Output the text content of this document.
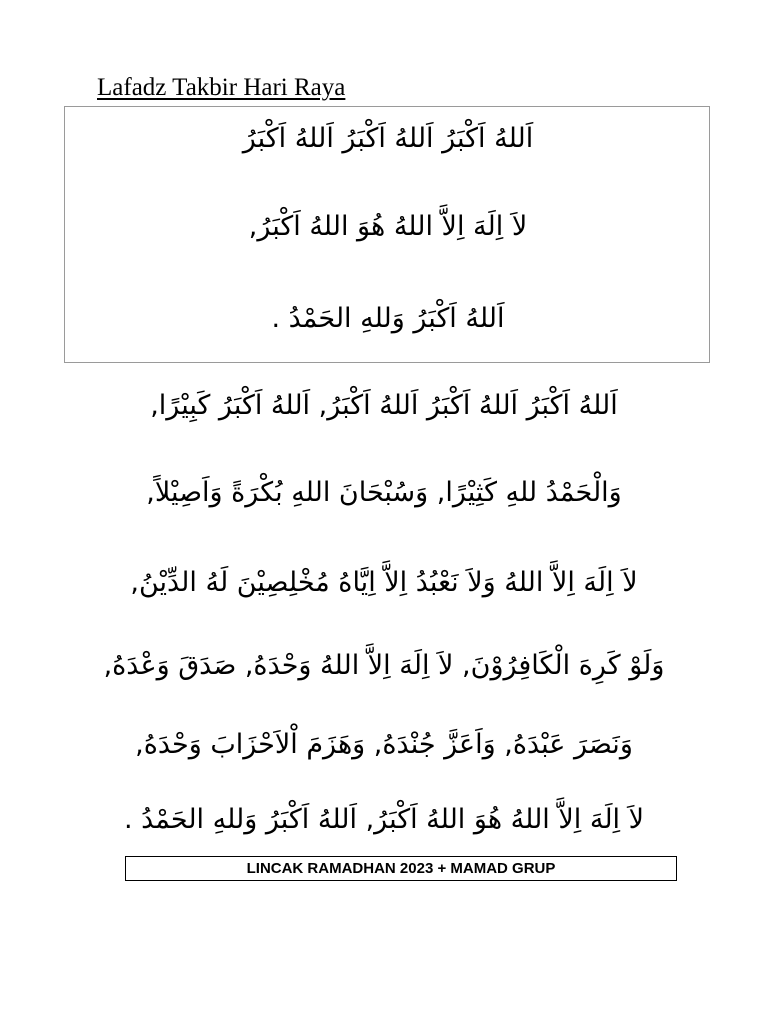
Lafadz Takbir Hari Raya
اَللهُ اَكْبَرُ اَللهُ اَكْبَرُ اَللهُ اَكْبَرُ
لاَ اِلَهَ اِلاَّ اللهُ هُوَ اللهُ اَكْبَرُ,
اَللهُ اَكْبَرُ وَللهِ الحَمْدُ .
اَللهُ اَكْبَرُ اَللهُ اَكْبَرُ اَللهُ اَكْبَرُ, اَللهُ اَكْبَرُ كَبِيْرًا,
وَالْحَمْدُ للهِ كَثِيْرًا, وَسُبْحَانَ اللهِ بُكْرَةً وَاَصِيْلاً,
لاَ اِلَهَ اِلاَّ اللهُ وَلاَ نَعْبُدُ اِلاَّ اِيَّاهُ مُخْلِصِيْنَ لَهُ الدِّيْنُ,
وَلَوْ كَرِهَ الْكَافِرُوْنَ, لاَ اِلَهَ اِلاَّ اللهُ وَحْدَهُ, صَدَقَ وَعْدَهُ,
وَنَصَرَ عَبْدَهُ, وَاَعَزَّ جُنْدَهُ, وَهَزَمَ اْلاَحْزَابَ وَحْدَهُ,
لاَ اِلَهَ اِلاَّ اللهُ هُوَ اللهُ اَكْبَرُ, اَللهُ اَكْبَرُ وَللهِ الحَمْدُ .
LINCAK RAMADHAN 2023 + MAMAD GRUP
